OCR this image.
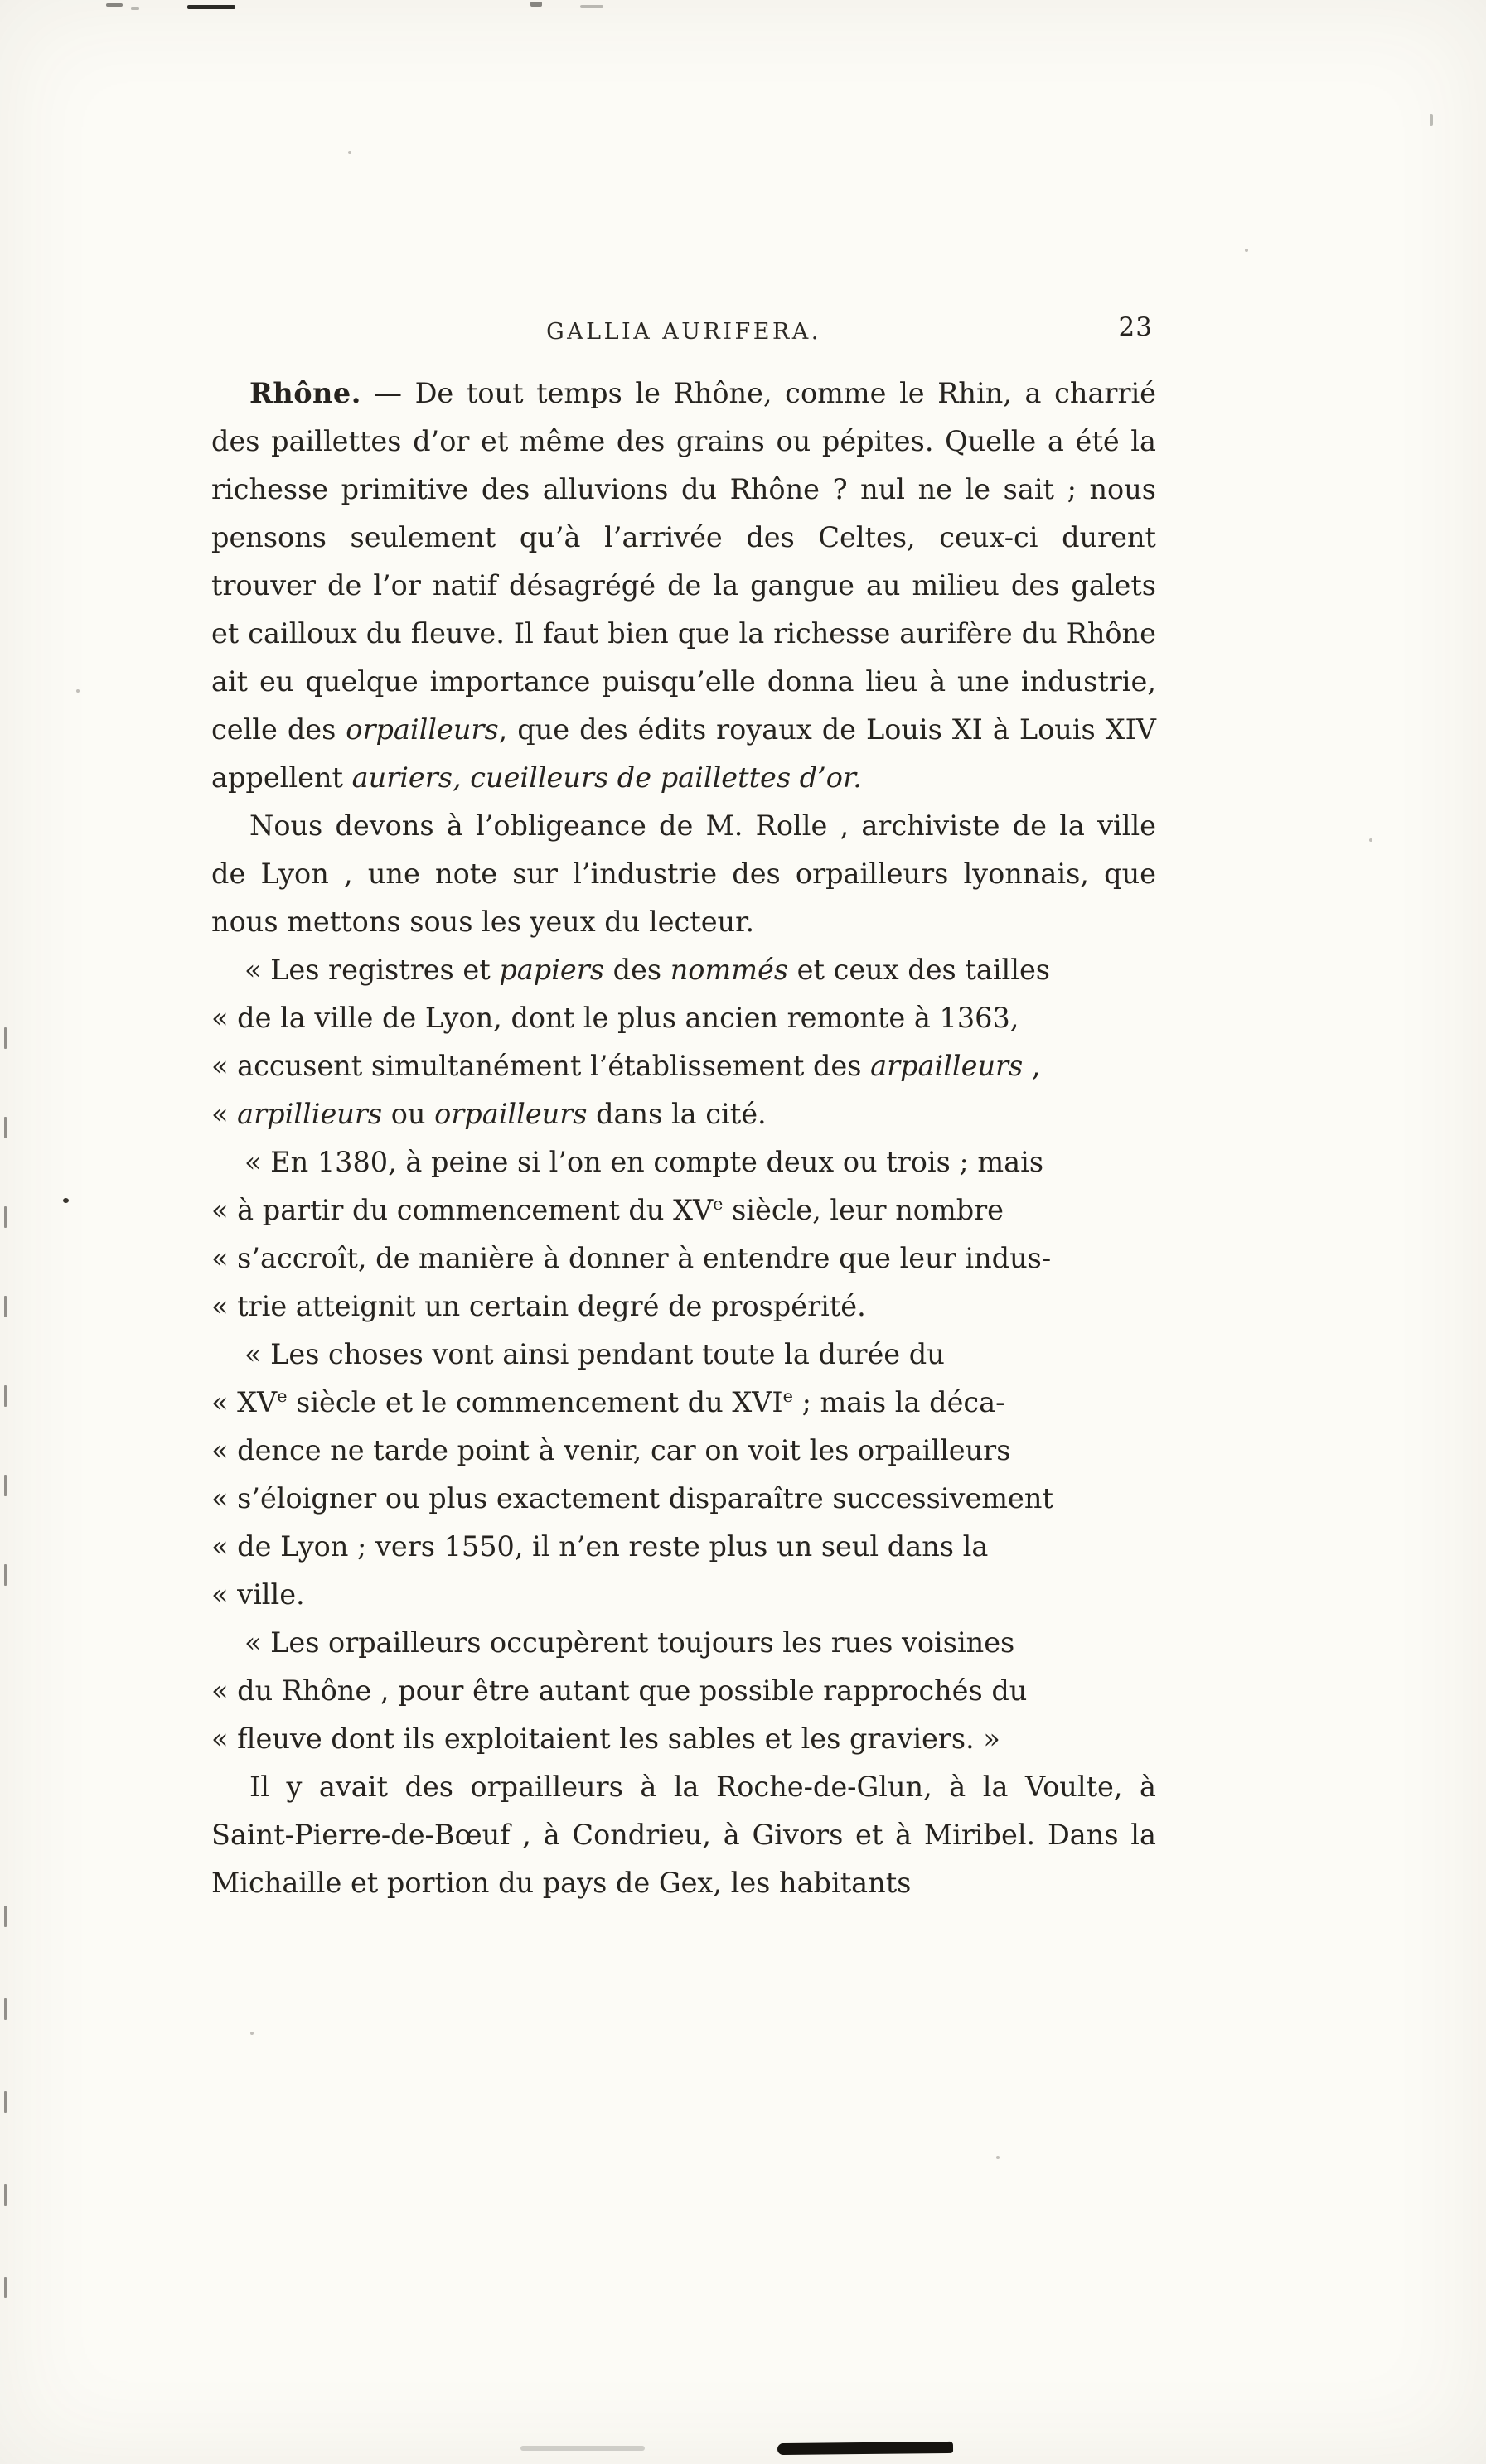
GALLIA AURIFERA.	23

Rhône. — De tout temps le Rhône, comme le Rhin, a charrié des paillettes d’or et même des grains ou pépites. Quelle a été la richesse primitive des alluvions du Rhône ? nul ne le sait ; nous pensons seulement qu’à l’arrivée des Celtes, ceux-ci durent trouver de l’or natif désagrégé de la gangue au milieu des galets et cailloux du fleuve. Il faut bien que la richesse aurifère du Rhône ait eu quelque importance puisqu’elle donna lieu à une industrie, celle des orpailleurs, que des édits royaux de Louis XI à Louis XIV appellent auriers, cueilleurs de paillettes d’or.

Nous devons à l’obligeance de M. Rolle , archiviste de la ville de Lyon , une note sur l’industrie des orpailleurs lyonnais, que nous mettons sous les yeux du lecteur.

« Les registres et papiers des nommés et ceux des tailles

« de la ville de Lyon, dont le plus ancien remonte à 1363,

« accusent simultanément l’établissement des arpailleurs ,

« arpillieurs ou orpailleurs dans la cité.

« En 1380, à peine si l’on en compte deux ou trois ; mais

« à partir du commencement du XVe siècle, leur nombre

« s’accroît, de manière à donner à entendre que leur indus-

« trie atteignit un certain degré de prospérité.

« Les choses vont ainsi pendant toute la durée du

« XVe siècle et le commencement du XVIe ; mais la déca-

« dence ne tarde point à venir, car on voit les orpailleurs

« s’éloigner ou plus exactement disparaître successivement

« de Lyon ; vers 1550, il n’en reste plus un seul dans la

« ville.

« Les orpailleurs occupèrent toujours les rues voisines

« du Rhône , pour être autant que possible rapprochés du

« fleuve dont ils exploitaient les sables et les graviers. »

Il y avait des orpailleurs à la Roche-de-Glun, à la Voulte, à Saint-Pierre-de-Bœuf , à Condrieu, à Givors et à Miribel. Dans la Michaille et portion du pays de Gex, les habitants
